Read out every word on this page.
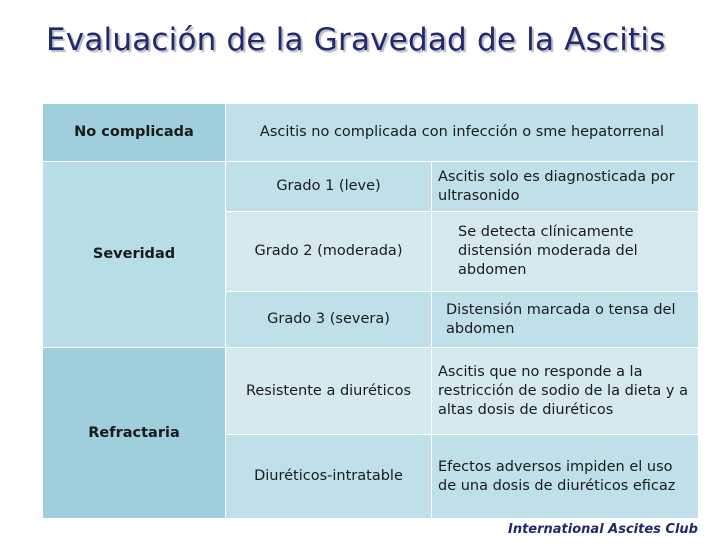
Evaluación de la Gravedad de la Ascitis
No complicada	Ascitis no complicada con infección o sme hepatorrenal	
Severidad	Grado 1 (leve)	Ascitis solo es diagnosticada por ultrasonido
	Grado 2 (moderada)	Se detecta clínicamente distensión moderada del abdomen
	Grado 3 (severa)	Distensión marcada o tensa del abdomen
Refractaria	Resistente a diuréticos	Ascitis que no responde a la restricción de sodio de la dieta y a altas dosis de diuréticos
	Diuréticos-intratable	Efectos adversos impiden el uso de una dosis de diuréticos eficaz
International Ascites Club
